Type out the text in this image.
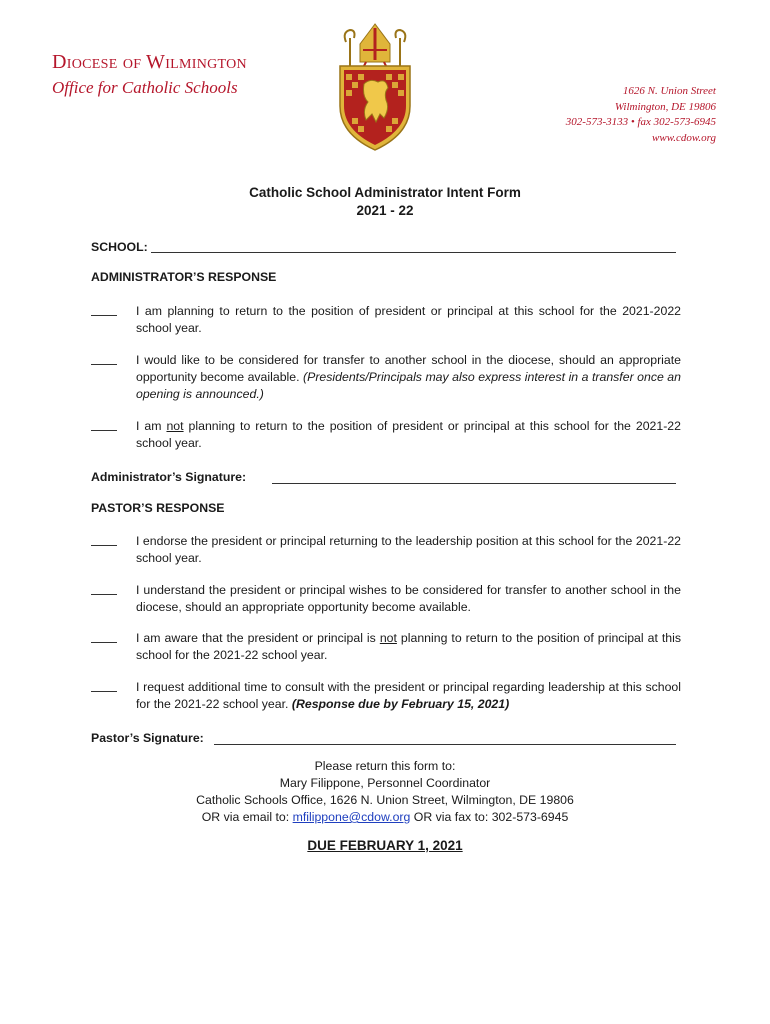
Diocese of Wilmington
Office for Catholic Schools	1626 N. Union Street
Wilmington, DE 19806
302-573-3133 • fax 302-573-6945
www.cdow.org
Catholic School Administrator Intent Form
2021 - 22
SCHOOL:
ADMINISTRATOR’S RESPONSE
I am planning to return to the position of president or principal at this school for the 2021-2022 school year.
I would like to be considered for transfer to another school in the diocese, should an appropriate opportunity become available. (Presidents/Principals may also express interest in a transfer once an opening is announced.)
I am not planning to return to the position of president or principal at this school for the 2021-22 school year.
Administrator’s Signature:
PASTOR’S RESPONSE
I endorse the president or principal returning to the leadership position at this school for the 2021-22 school year.
I understand the president or principal wishes to be considered for transfer to another school in the diocese, should an appropriate opportunity become available.
I am aware that the president or principal is not planning to return to the position of principal at this school for the 2021-22 school year.
I request additional time to consult with the president or principal regarding leadership at this school for the 2021-22 school year. (Response due by February 15, 2021)
Pastor’s Signature:
Please return this form to:
Mary Filippone, Personnel Coordinator
Catholic Schools Office, 1626 N. Union Street, Wilmington, DE 19806
OR via email to: mfilippone@cdow.org OR via fax to: 302-573-6945
DUE FEBRUARY 1, 2021
